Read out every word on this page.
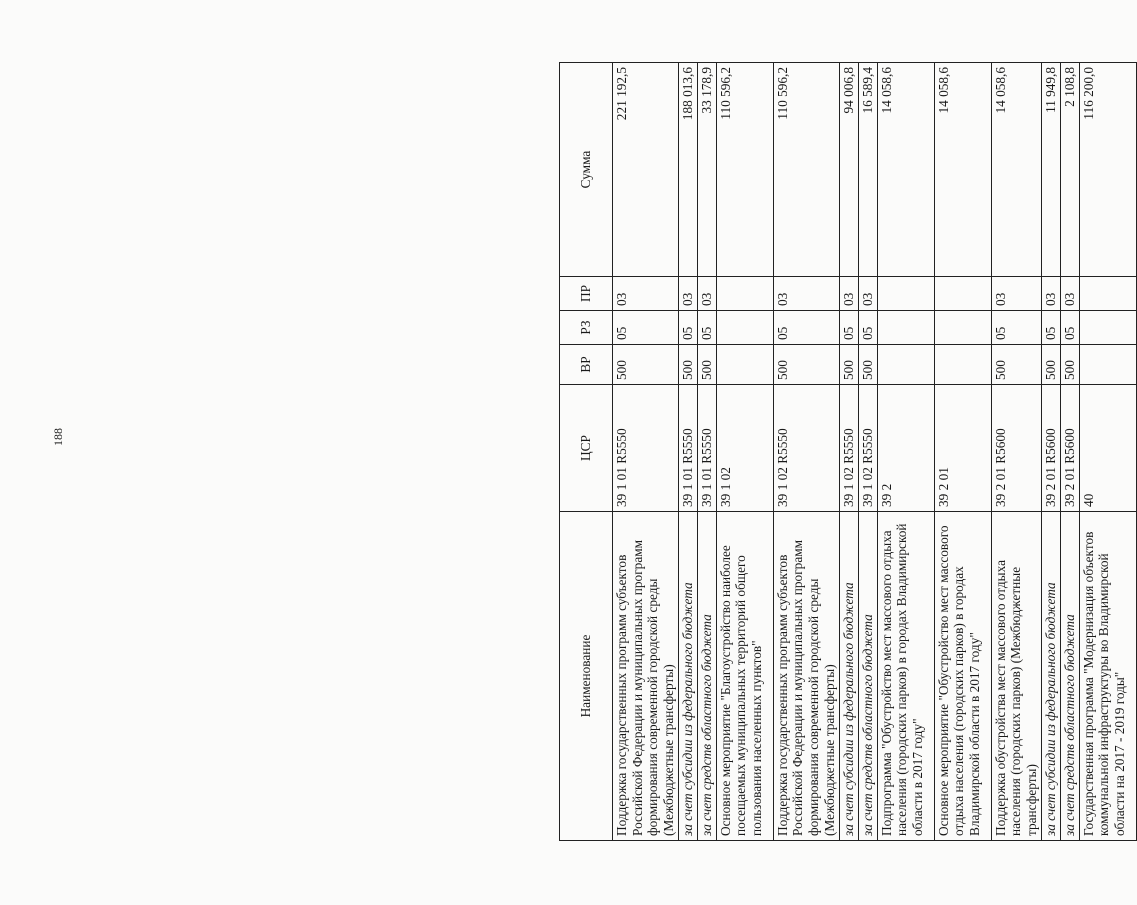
188
Наименование	ЦСР	ВР	РЗ	ПР	Сумма
Поддержка государственных программ субъектов Российской Федерации и муниципальных программ формирования современной городской среды (Межбюджетные трансферты)	39 1 01 R5550	500	05	03	221 192,5
за счет субсидии из федерального бюджета	39 1 01 R5550	500	05	03	188 013,6
за счет средств областного бюджета	39 1 01 R5550	500	05	03	33 178,9
Основное мероприятие "Благоустройство наиболее посещаемых муниципальных территорий общего пользования населенных пунктов"	39 1 02				110 596,2
Поддержка государственных программ субъектов Российской Федерации и муниципальных программ формирования современной городской среды (Межбюджетные трансферты)	39 1 02 R5550	500	05	03	110 596,2
за счет субсидии из федерального бюджета	39 1 02 R5550	500	05	03	94 006,8
за счет средств областного бюджета	39 1 02 R5550	500	05	03	16 589,4
Подпрограмма "Обустройство мест массового отдыха населения (городских парков) в городах Владимирской области в 2017 году"	39 2				14 058,6
Основное мероприятие "Обустройство мест массового отдыха населения (городских парков) в городах Владимирской области в 2017 году"	39 2 01				14 058,6
Поддержка обустройства мест массового отдыха населения (городских парков) (Межбюджетные трансферты)	39 2 01 R5600	500	05	03	14 058,6
за счет субсидии из федерального бюджета	39 2 01 R5600	500	05	03	11 949,8
за счет средств областного бюджета	39 2 01 R5600	500	05	03	2 108,8
Государственная программа "Модернизация объектов коммунальной инфраструктуры во Владимирской области на 2017 - 2019 годы"	40				116 200,0
